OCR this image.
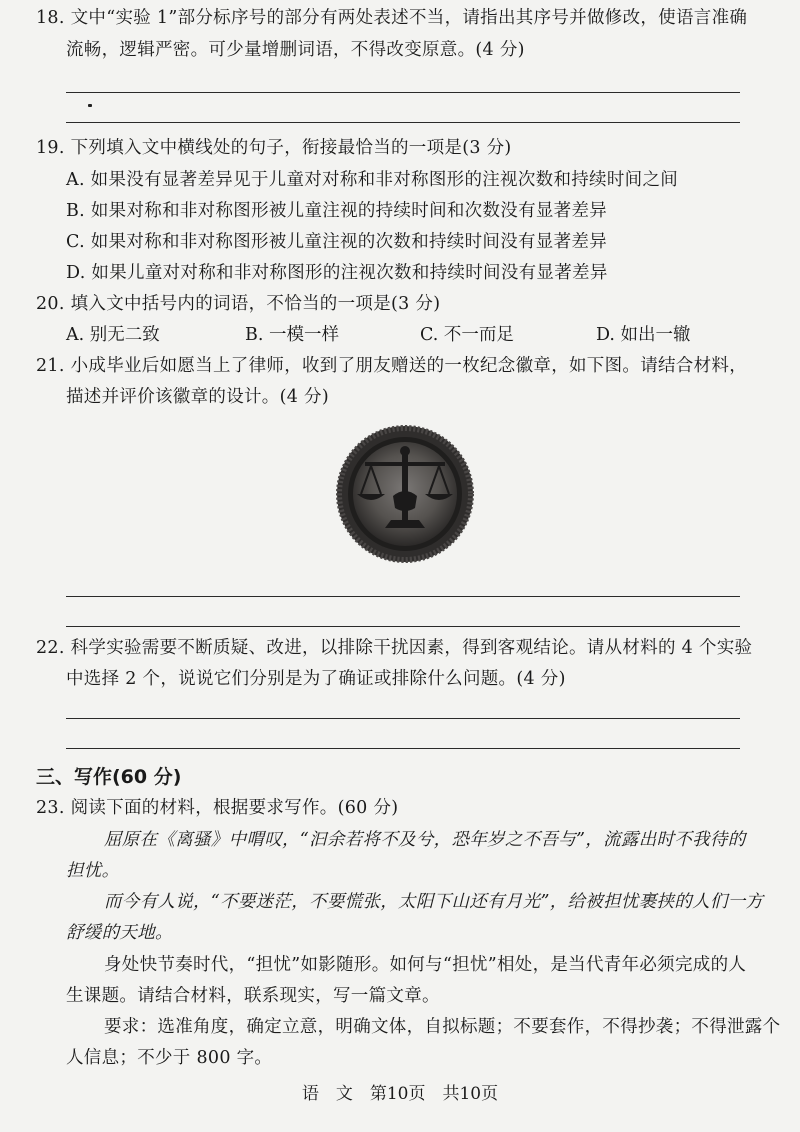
18. 文中“实验 1”部分标序号的部分有两处表述不当，请指出其序号并做修改，使语言准确
流畅，逻辑严密。可少量增删词语，不得改变原意。(4 分)
19. 下列填入文中横线处的句子，衔接最恰当的一项是(3 分)
A. 如果没有显著差异见于儿童对对称和非对称图形的注视次数和持续时间之间
B. 如果对称和非对称图形被儿童注视的持续时间和次数没有显著差异
C. 如果对称和非对称图形被儿童注视的次数和持续时间没有显著差异
D. 如果儿童对对称和非对称图形的注视次数和持续时间没有显著差异
20. 填入文中括号内的词语，不恰当的一项是(3 分)
A. 别无二致	B. 一模一样	C. 不一而足	D. 如出一辙
21. 小成毕业后如愿当上了律师，收到了朋友赠送的一枚纪念徽章，如下图。请结合材料，
描述并评价该徽章的设计。(4 分)
22. 科学实验需要不断质疑、改进，以排除干扰因素，得到客观结论。请从材料的 4 个实验
中选择 2 个，说说它们分别是为了确证或排除什么问题。(4 分)
三、写作(60 分)
23. 阅读下面的材料，根据要求写作。(60 分)
屈原在《离骚》中喟叹，“汩余若将不及兮，恐年岁之不吾与”，流露出时不我待的
担忧。
而今有人说，“不要迷茫，不要慌张，太阳下山还有月光”，给被担忧裹挟的人们一方
舒缓的天地。
身处快节奏时代，“担忧”如影随形。如何与“担忧”相处，是当代青年必须完成的人
生课题。请结合材料，联系现实，写一篇文章。
要求：选准角度，确定立意，明确文体，自拟标题；不要套作，不得抄袭；不得泄露个
人信息；不少于 800 字。
语　文　第10页　共10页
